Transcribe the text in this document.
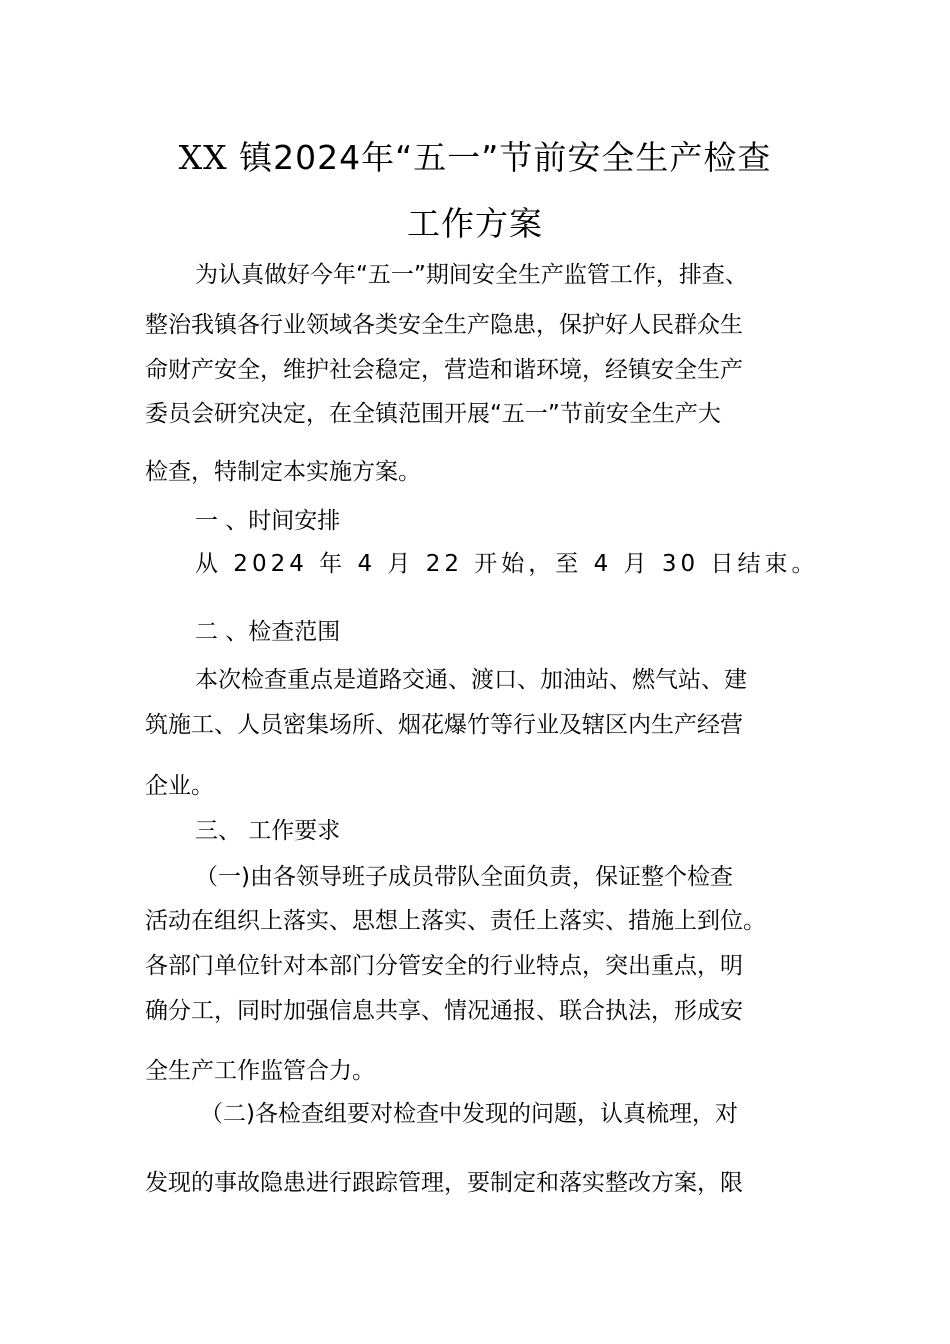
XX 镇2024年“五一”节前安全生产检查
工作方案
为认真做好今年“五一”期间安全生产监管工作，排查、
整治我镇各行业领域各类安全生产隐患，保护好人民群众生
命财产安全，维护社会稳定，营造和谐环境，经镇安全生产
委员会研究决定，在全镇范围开展“五一”节前安全生产大
检查，特制定本实施方案。
一 、时间安排
从 2024 年 4 月 22 开始，至 4 月 30 日结束。
二 、检查范围
本次检查重点是道路交通、渡口、加油站、燃气站、建
筑施工、人员密集场所、烟花爆竹等行业及辖区内生产经营
企业。
三、 工作要求
（一)由各领导班子成员带队全面负责，保证整个检查
活动在组织上落实、思想上落实、责任上落实、措施上到位。
各部门单位针对本部门分管安全的行业特点，突出重点，明
确分工，同时加强信息共享、情况通报、联合执法，形成安
全生产工作监管合力。
（二)各检查组要对检查中发现的问题，认真梳理，对
发现的事故隐患进行跟踪管理，要制定和落实整改方案，限
